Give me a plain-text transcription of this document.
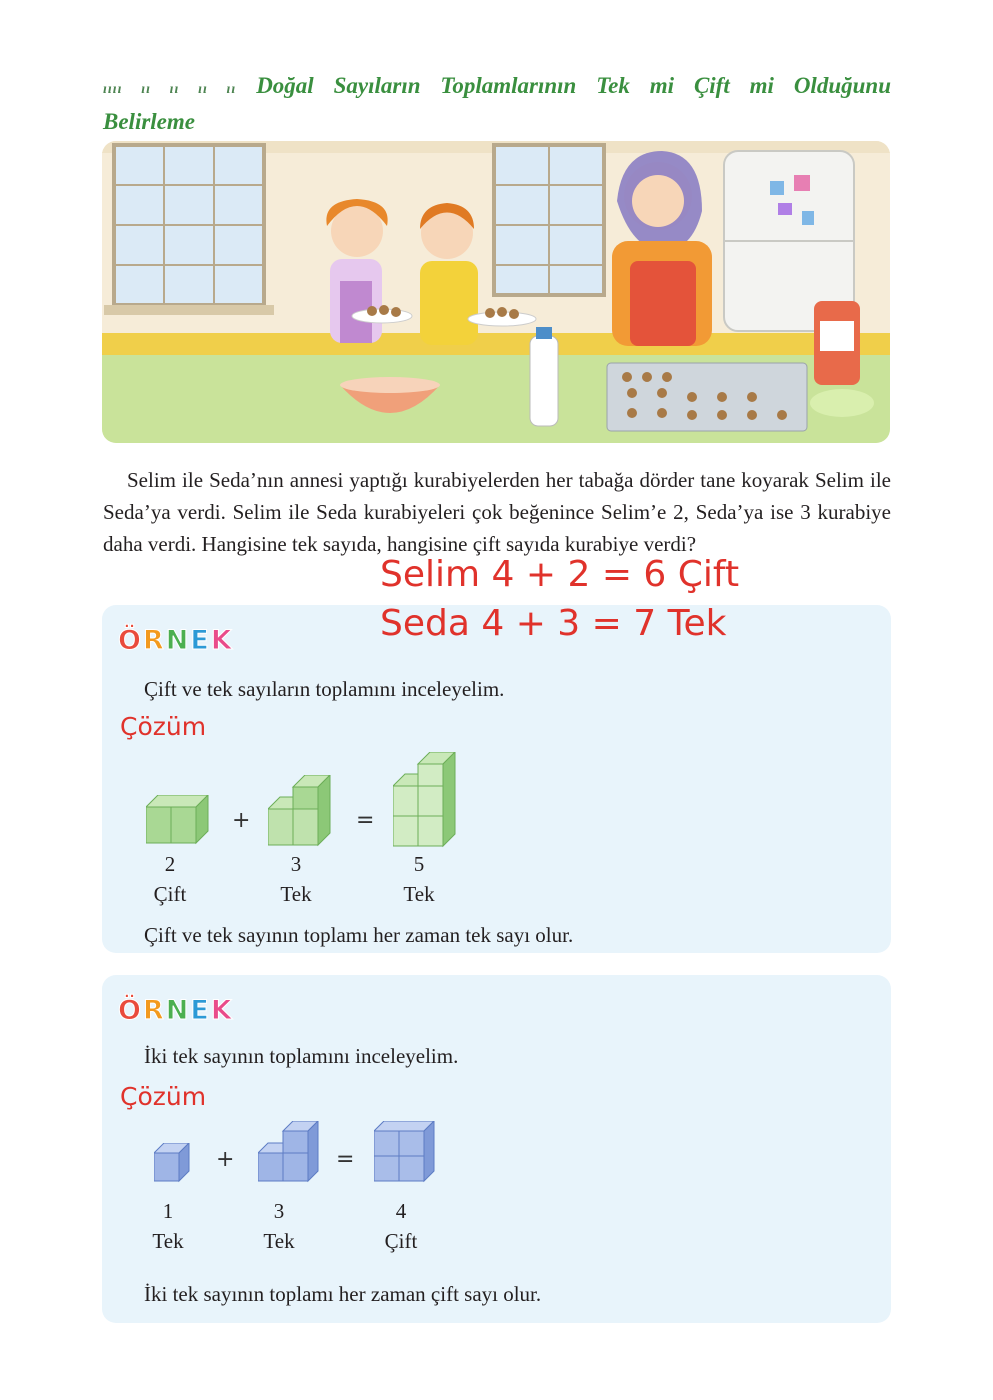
ıııı ıı ıı ıı ıı Doğal Sayıların Toplamlarının Tek mi Çift mi Olduğunu
Belirleme
Selim ile Seda’nın annesi yaptığı kurabiyelerden her tabağa dörder tane koyarak Selim ile Seda’ya verdi. Selim ile Seda kurabiyeleri çok beğenince Selim’e 2, Seda’ya ise 3 kurabiye daha verdi. Hangisine tek sayıda, hangisine çift sayıda kurabiye verdi?
Selim 4 + 2 = 6 Çift
ÖRNEK
Çift ve tek sayıların toplamını inceleyelim.
Çözüm
+	=
2
Çift
3
Tek
5
Tek
Çift ve tek sayının toplamı her zaman tek sayı olur.
Seda 4 + 3 = 7 Tek
ÖRNEK
İki tek sayının toplamını inceleyelim.
Çözüm
+	=
1
Tek
3
Tek
4
Çift
İki tek sayının toplamı her zaman çift sayı olur.
